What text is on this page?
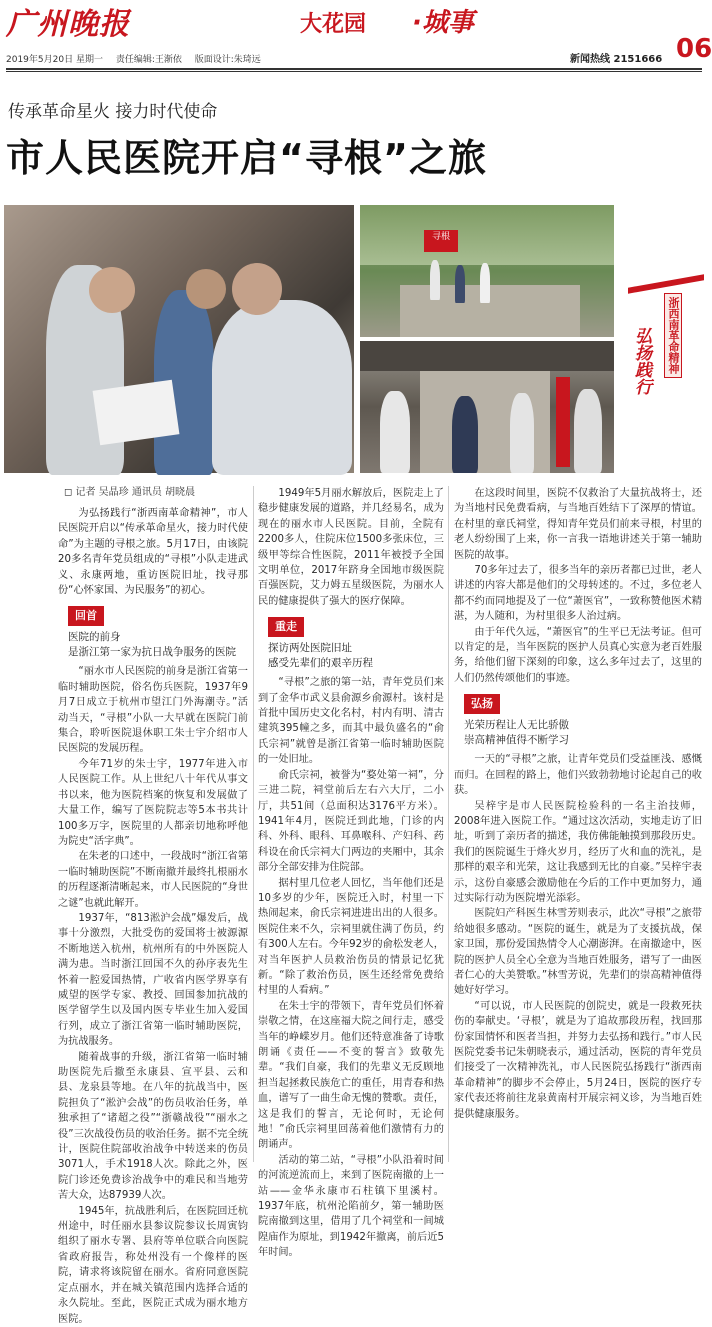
广州晚报	大花园 ·城事
06
2019年5月20日 星期一 责任编辑:王渐依 版面设计:朱琦远	新闻热线 2151666
传承革命星火 接力时代使命
市人民医院开启“寻根”之旅
寻根
浙西南革命精神
弘扬践行
◻ 记者 吴晶珍 通讯员 胡晓晨

为弘扬践行“浙西南革命精神”，市人民医院开启以“传承革命星火，接力时代使命”为主题的寻根之旅。5月17日，由该院20多名青年党员组成的“寻根”小队走进武义、永康两地，重访医院旧址，找寻那份“心怀家国、为民服务”的初心。

回首
医院的前身
是浙江第一家为抗日战争服务的医院

“丽水市人民医院的前身是浙江省第一临时辅助医院，俗名伤兵医院，1937年9月7日成立于杭州市望江门外海潮寺。”活动当天，“寻根”小队一大早就在医院门前集合，聆听医院退休职工朱士宇介绍市人民医院的发展历程。

今年71岁的朱士宇，1977年进入市人民医院工作。从上世纪八十年代从事文书以来，他为医院档案的恢复和发展做了大量工作，编写了医院院志等5本书共计100多万字，医院里的人都亲切地称呼他为院史“活字典”。

在朱老的口述中，一段战时“浙江省第一临时辅助医院”不断南撤并最终扎根丽水的历程逐渐清晰起来，市人民医院的“身世之谜”也就此解开。

1937年，“813淞沪会战”爆发后，战事十分激烈，大批受伤的爱国将士被源源不断地送入杭州，杭州所有的中外医院人满为患。当时浙江回国不久的孙序表先生怀着一腔爱国热情，广收省内医学界享有威望的医学专家、教授、回国参加抗战的医学留学生以及国内医专毕业生加入爱国行列，成立了浙江省第一临时辅助医院，为抗战服务。

随着战事的升级，浙江省第一临时辅助医院先后撤至永康县、宣平县、云和县、龙泉县等地。在八年的抗战当中，医院担负了“淞沪会战”的伤员收治任务，单独承担了“诸超之役”“浙赣战役”“丽水之役”三次战役伤员的收治任务。据不完全统计，医院住院部收治战争中转送来的伤员3071人，手术1918人次。除此之外，医院门诊还免费诊治战争中的难民和当地劳苦大众，达87939人次。

1945年，抗战胜利后，在医院回迁杭州途中，时任丽水县参议院参议长周寅钧组织了丽水专署、县府等单位联合向医院省政府报告，称处州没有一个像样的医院，请求将该院留在丽水。省府同意医院定点丽水，并在城关镇范围内选择合适的永久院址。至此，医院正式成为丽水地方医院。

1949年5月丽水解放后，医院走上了稳步健康发展的道路，并几经易名，成为现在的丽水市人民医院。目前，全院有2200多人，住院床位1500多张床位，三级甲等综合性医院，2011年被授予全国文明单位，2017年跻身全国地市级医院百强医院，艾力姆五星级医院，为丽水人民的健康提供了强大的医疗保障。

重走
探访两处医院旧址
感受先辈们的艰辛历程

“寻根”之旅的第一站，青年党员们来到了金华市武义县俞源乡俞源村。该村是首批中国历史文化名村，村内有明、清古建筑395幢之多，而其中最负盛名的“俞氏宗祠”就曾是浙江省第一临时辅助医院的一处旧址。

俞氏宗祠，被誉为“婺处第一祠”，分三进二院，祠堂前后左右六大厅，二小厅，共51间（总面积达3176平方米）。1941年4月，医院迁到此地，门诊的内科、外科、眼科、耳鼻喉科、产妇科、药科设在俞氏宗祠大门两边的夹厢中，其余部分全部安排为住院部。

据村里几位老人回忆，当年他们还是10多岁的少年，医院迁入时，村里一下热闹起来，俞氏宗祠进进出出的人很多。医院住来不久，宗祠里就住满了伤员，约有300人左右。今年92岁的俞松发老人，对当年医护人员救治伤员的情景记忆犹新。“除了救治伤员，医生还经常免费给村里的人看病。”

在朱士宇的带领下，青年党员们怀着崇敬之情，在这座福大院之间行走，感受当年的峥嵘岁月。他们还特意准备了诗歌朗诵《责任——不变的誓言》致敬先辈。“我们自豪，我们的先辈义无反顾地担当起拯救民族危亡的重任，用青春和热血，谱写了一曲生命无愧的赞歌。责任，这是我们的誓言，无论何时，无论何地！”俞氏宗祠里回荡着他们激情有力的朗诵声。

活动的第二站，“寻根”小队沿着时间的河流逆流而上，来到了医院南撤的上一站——金华永康市石柱镇下里溪村。1937年底，杭州沦陷前夕，第一辅助医院南撤到这里，借用了几个祠堂和一间城隍庙作为原址，到1942年撤离，前后近5年时间。

在这段时间里，医院不仅救治了大量抗战将士，还为当地村民免费看病，与当地百姓结下了深厚的情谊。在村里的章氏祠堂，得知青年党员们前来寻根，村里的老人纷纷围了上来，你一言我一语地讲述关于第一辅助医院的故事。

70多年过去了，很多当年的亲历者都已过世，老人讲述的内容大都是他们的父母转述的。不过，多位老人都不约而同地提及了一位“萧医官”，一致称赞他医术精湛，为人随和，为村里很多人治过病。

由于年代久远，“萧医官”的生平已无法考证。但可以肯定的是，当年医院的医护人员真心实意为老百姓服务，给他们留下深刻的印象，这么多年过去了，这里的人们仍然传颂他们的事迹。

弘扬
光荣历程让人无比骄傲
崇高精神值得不断学习

一天的“寻根”之旅，让青年党员们受益匪浅、感慨而归。在回程的路上，他们兴致勃勃地讨论起自己的收获。

吴梓宇是市人民医院检验科的一名主治技师，2008年进入医院工作。“通过这次活动，实地走访了旧址，听到了亲历者的描述，我仿佛能触摸到那段历史。我们的医院诞生于烽火岁月，经历了火和血的洗礼，是那样的艰辛和光荣，这让我感到无比的自豪。”吴梓宇表示，这份自豪感会激励他在今后的工作中更加努力，通过实际行动为医院增光添彩。

医院妇产科医生林雪芳则表示，此次“寻根”之旅带给她很多感动。“医院的诞生，就是为了支援抗战，保家卫国，那份爱国热情令人心潮澎湃。在南撤途中，医院的医护人员全心全意为当地百姓服务，谱写了一曲医者仁心的大美赞歌。”林雪芳说，先辈们的崇高精神值得她好好学习。

“可以说，市人民医院的创院史，就是一段救死扶伤的奉献史。‘寻根’，就是为了追故那段历程，找回那份家国情怀和医者当担，并努力去弘扬和践行。”市人民医院党委书记朱朝晓表示，通过活动，医院的青年党员们接受了一次精神洗礼，市人民医院弘扬践行“浙西南革命精神”的脚步不会停止，5月24日，医院的医疗专家代表还将前往龙泉黄南村开展宗祠义诊，为当地百姓提供健康服务。
